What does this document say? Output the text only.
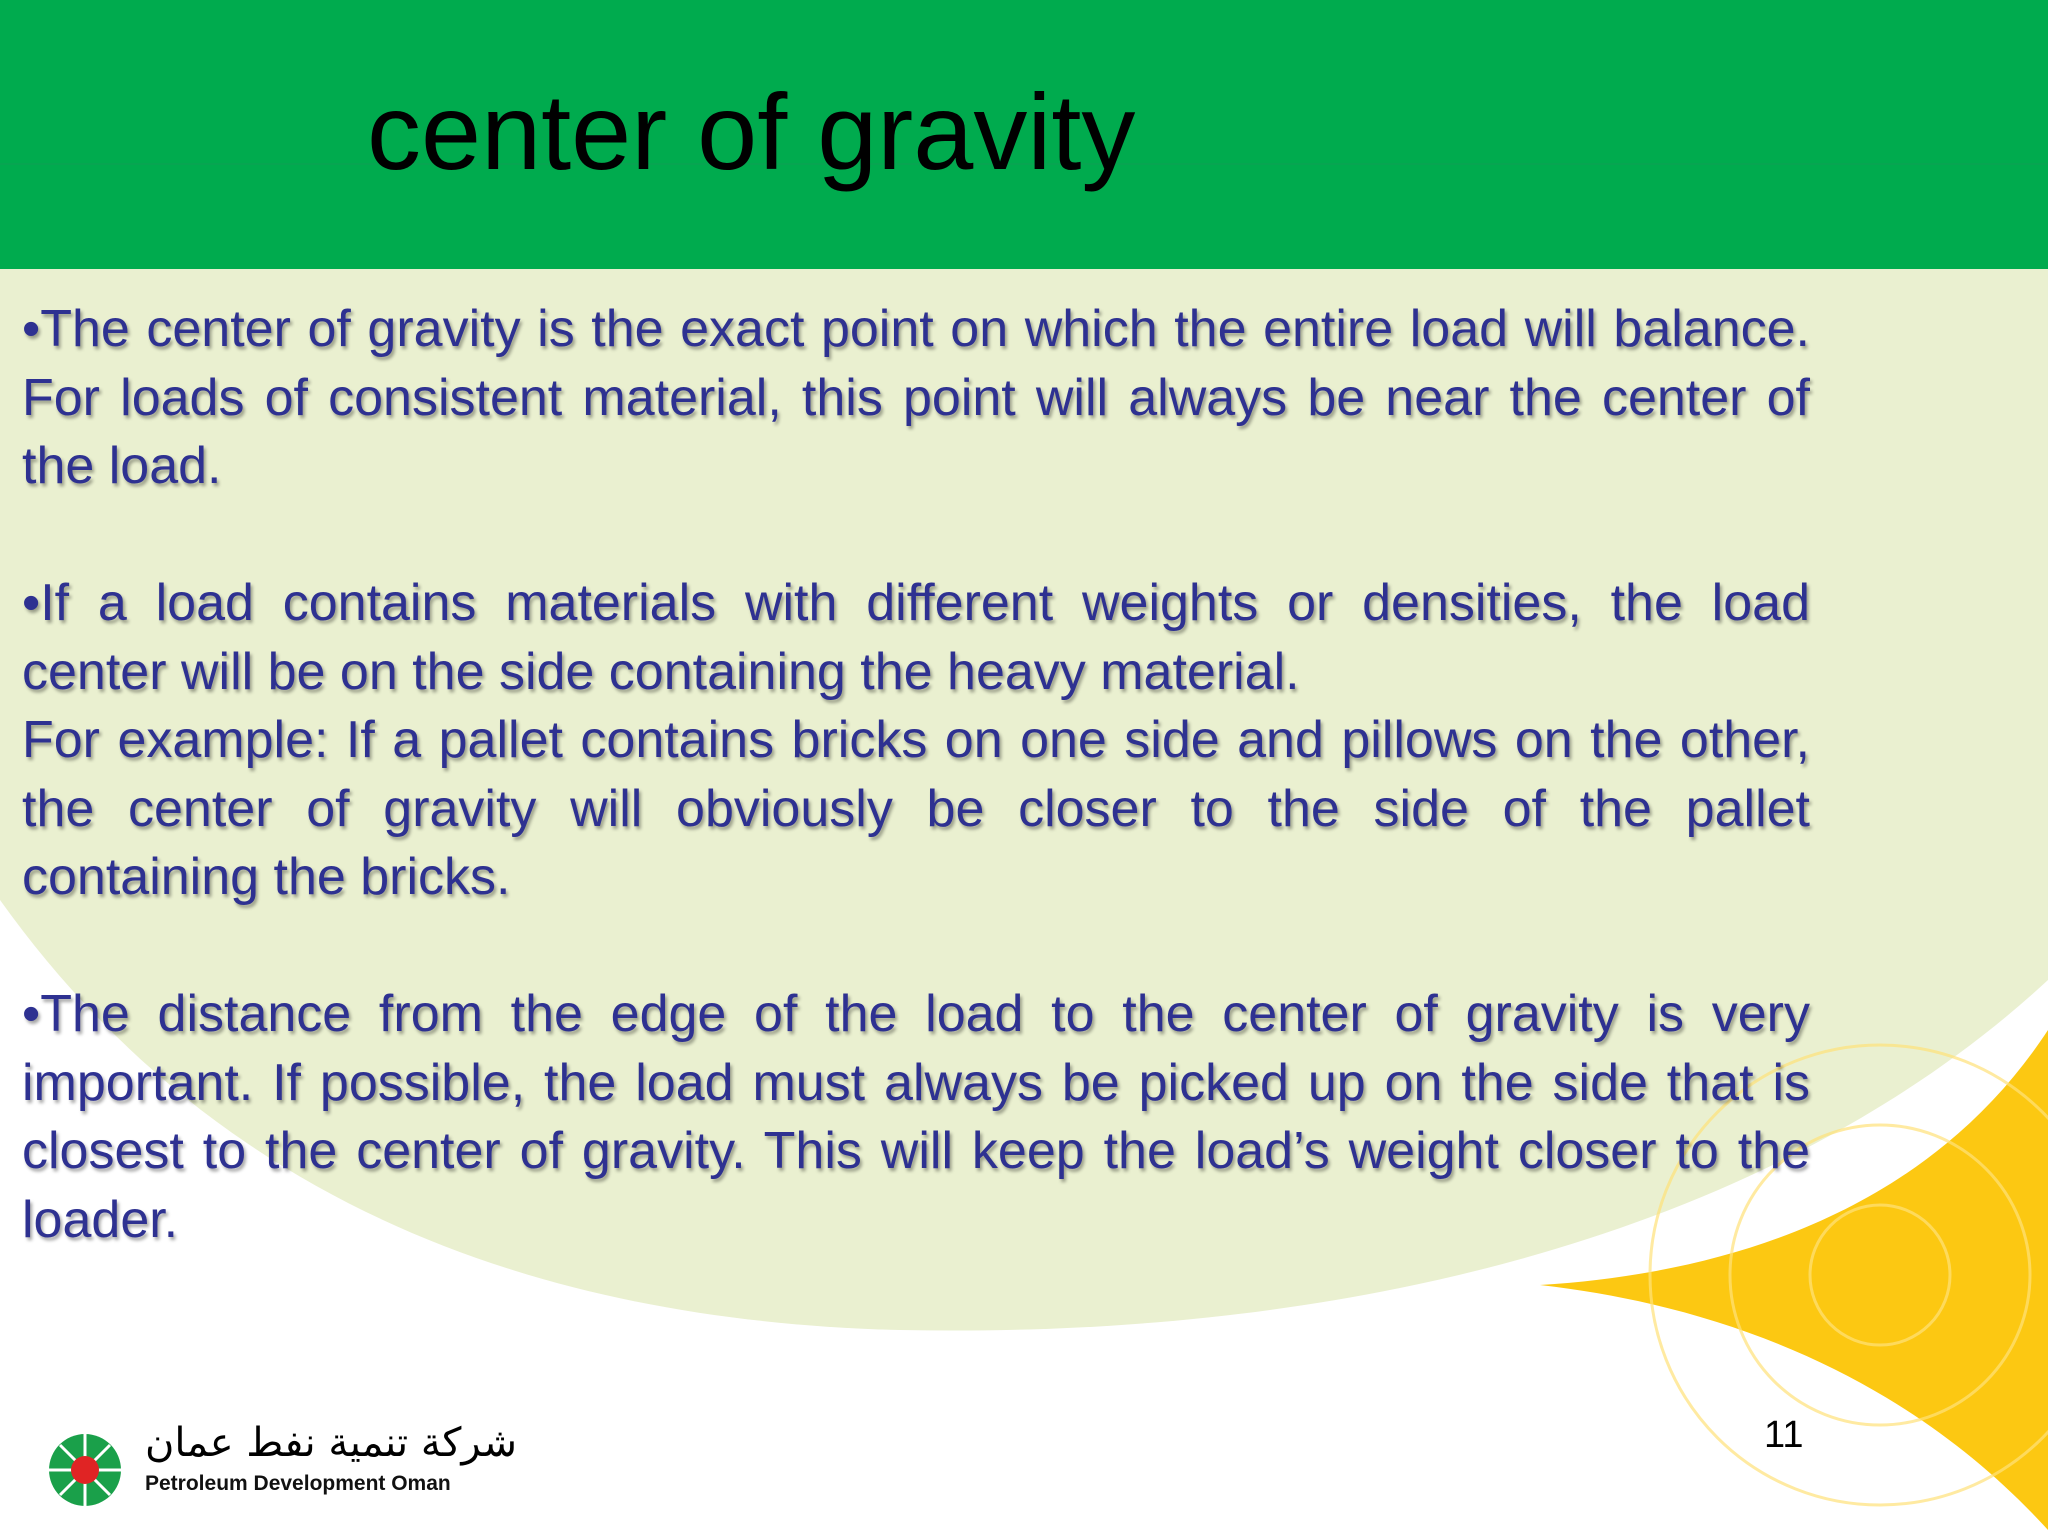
center of gravity

•The center of gravity is the exact point on which the entire load will balance. For loads of consistent material, this point will always be near the center of the load.

•If a load contains materials with different weights or densities, the load center will be on the side containing the heavy material.

For example: If a pallet contains bricks on one side and pillows on the other, the center of gravity will obviously be closer to the side of the pallet containing the bricks.

•The distance from the edge of the load to the center of gravity is very important. If possible, the load must always be picked up on the side that is closest to the center of gravity. This will keep the load’s weight closer to the loader.

11
شركة تنمية نفط عمان
Petroleum Development Oman
